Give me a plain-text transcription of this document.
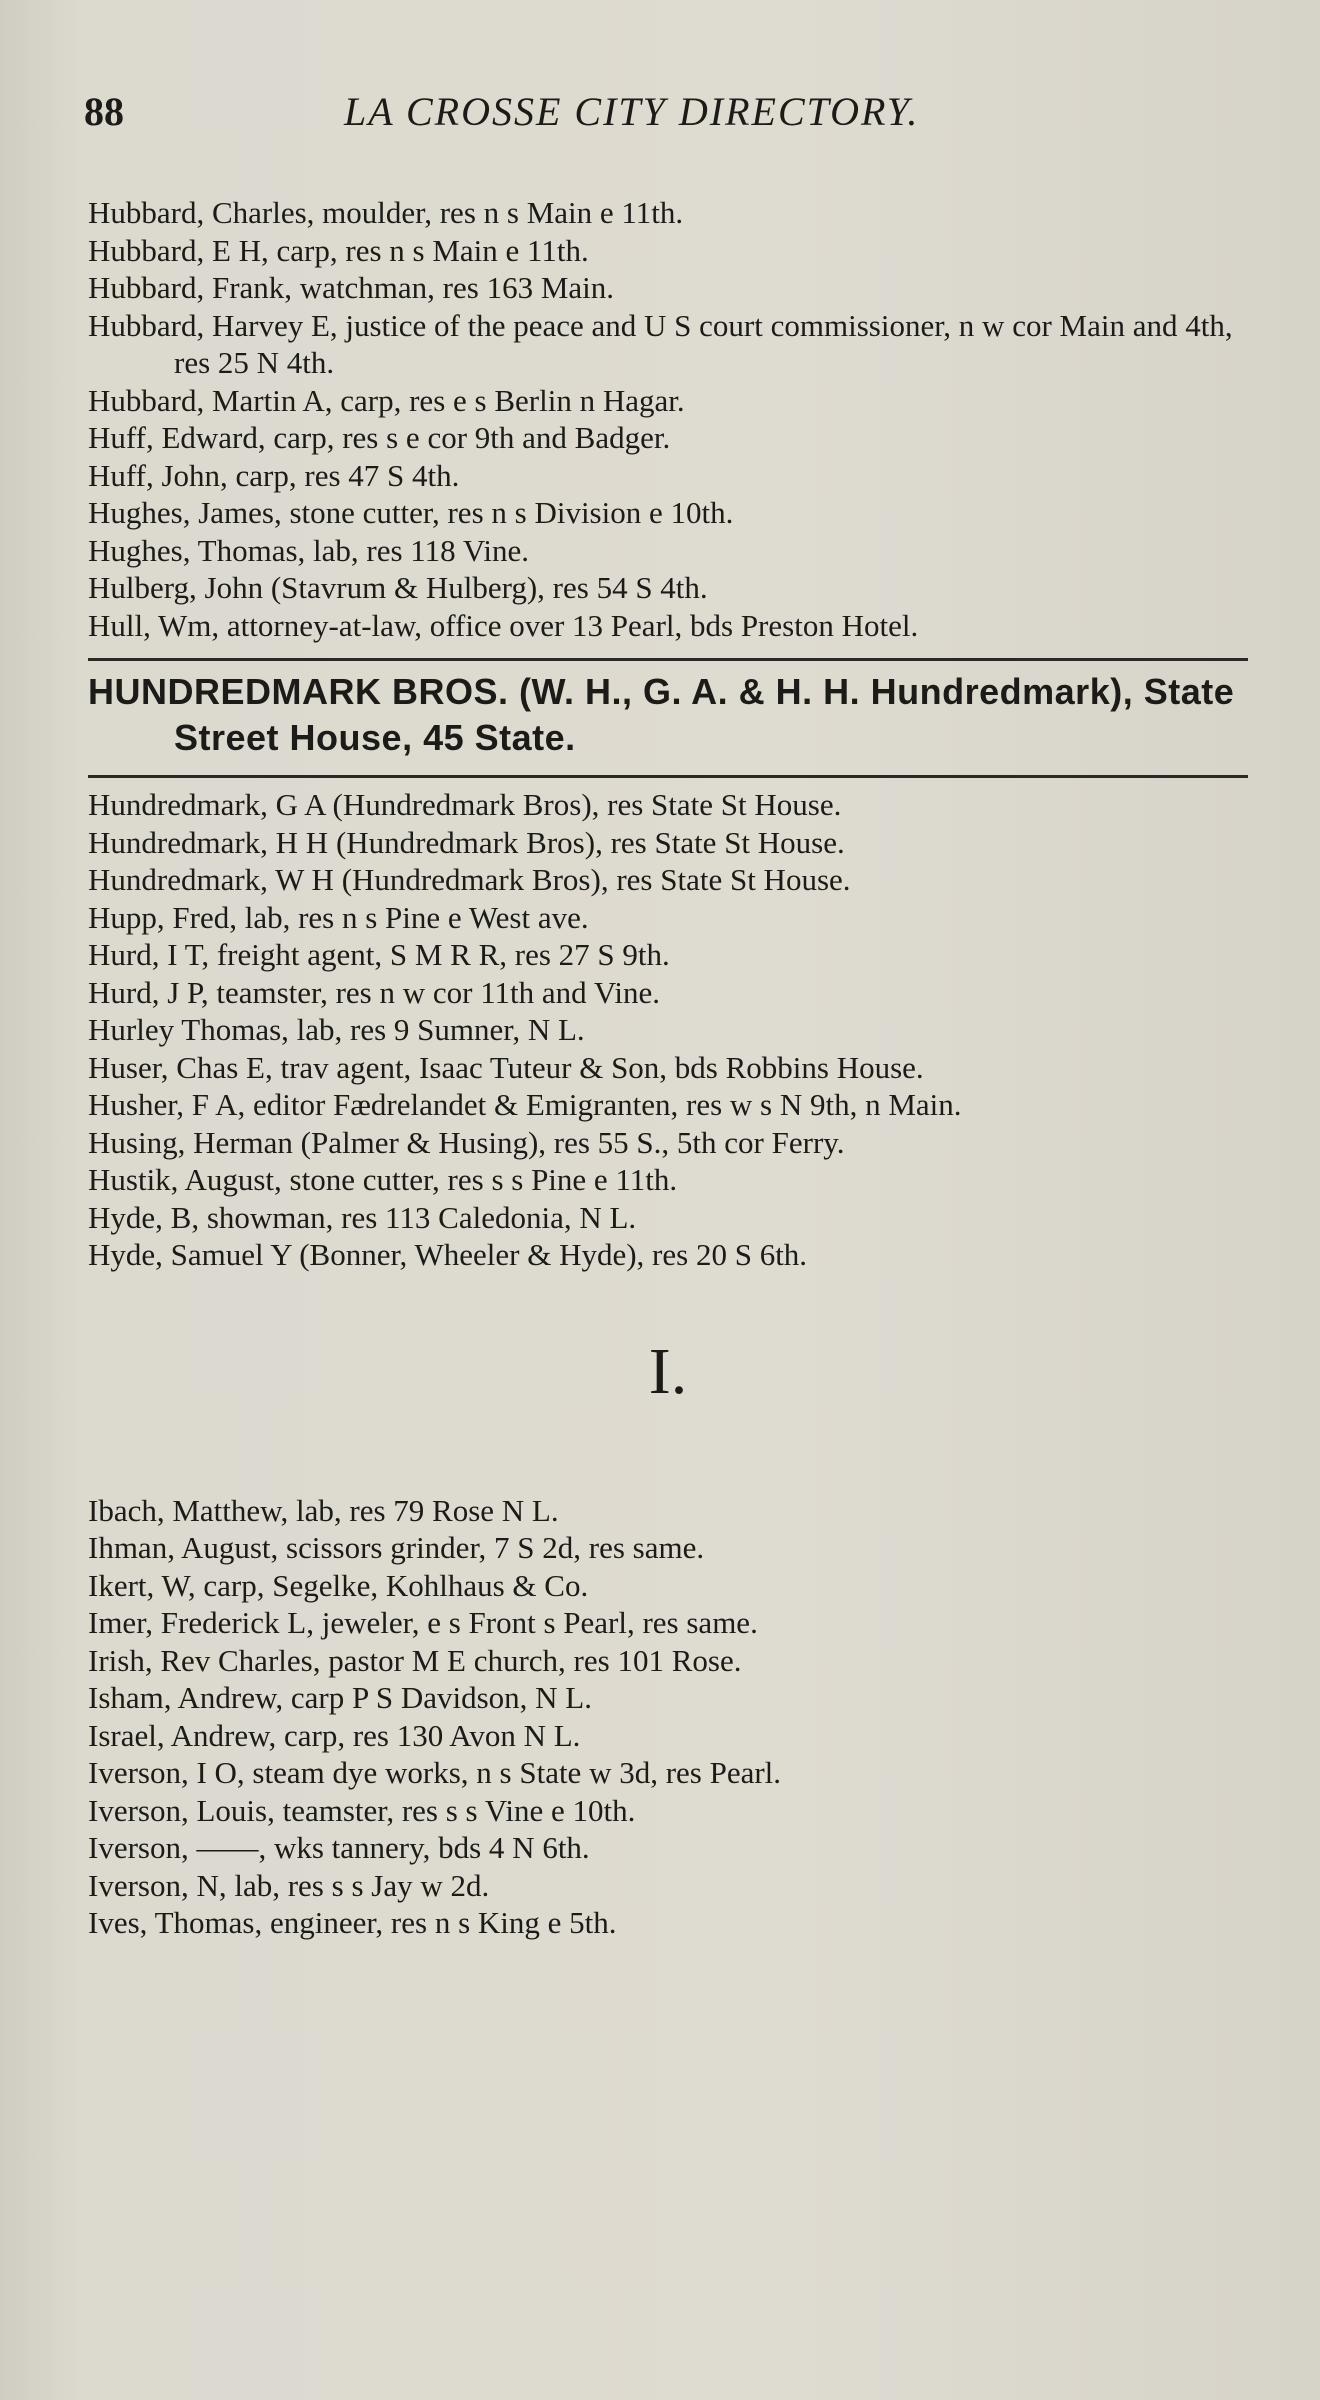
88	LA CROSSE CITY DIRECTORY.
Hubbard, Charles, moulder, res n s Main e 11th.
Hubbard, E H, carp, res n s Main e 11th.
Hubbard, Frank, watchman, res 163 Main.
Hubbard, Harvey E, justice of the peace and U S court commissioner, n w cor Main and 4th, res 25 N 4th.
Hubbard, Martin A, carp, res e s Berlin n Hagar.
Huff, Edward, carp, res s e cor 9th and Badger.
Huff, John, carp, res 47 S 4th.
Hughes, James, stone cutter, res n s Division e 10th.
Hughes, Thomas, lab, res 118 Vine.
Hulberg, John (Stavrum & Hulberg), res 54 S 4th.
Hull, Wm, attorney-at-law, office over 13 Pearl, bds Preston Hotel.
HUNDREDMARK BROS. (W. H., G. A. & H. H. Hundredmark), State Street House, 45 State.
Hundredmark, G A (Hundredmark Bros), res State St House.
Hundredmark, H H (Hundredmark Bros), res State St House.
Hundredmark, W H (Hundredmark Bros), res State St House.
Hupp, Fred, lab, res n s Pine e West ave.
Hurd, I T, freight agent, S M R R, res 27 S 9th.
Hurd, J P, teamster, res n w cor 11th and Vine.
Hurley Thomas, lab, res 9 Sumner, N L.
Huser, Chas E, trav agent, Isaac Tuteur & Son, bds Robbins House.
Husher, F A, editor Fædrelandet & Emigranten, res w s N 9th, n Main.
Husing, Herman (Palmer & Husing), res 55 S., 5th cor Ferry.
Hustik, August, stone cutter, res s s Pine e 11th.
Hyde, B, showman, res 113 Caledonia, N L.
Hyde, Samuel Y (Bonner, Wheeler & Hyde), res 20 S 6th.
I.
Ibach, Matthew, lab, res 79 Rose N L.
Ihman, August, scissors grinder, 7 S 2d, res same.
Ikert, W, carp, Segelke, Kohlhaus & Co.
Imer, Frederick L, jeweler, e s Front s Pearl, res same.
Irish, Rev Charles, pastor M E church, res 101 Rose.
Isham, Andrew, carp P S Davidson, N L.
Israel, Andrew, carp, res 130 Avon N L.
Iverson, I O, steam dye works, n s State w 3d, res Pearl.
Iverson, Louis, teamster, res s s Vine e 10th.
Iverson, ——, wks tannery, bds 4 N 6th.
Iverson, N, lab, res s s Jay w 2d.
Ives, Thomas, engineer, res n s King e 5th.
